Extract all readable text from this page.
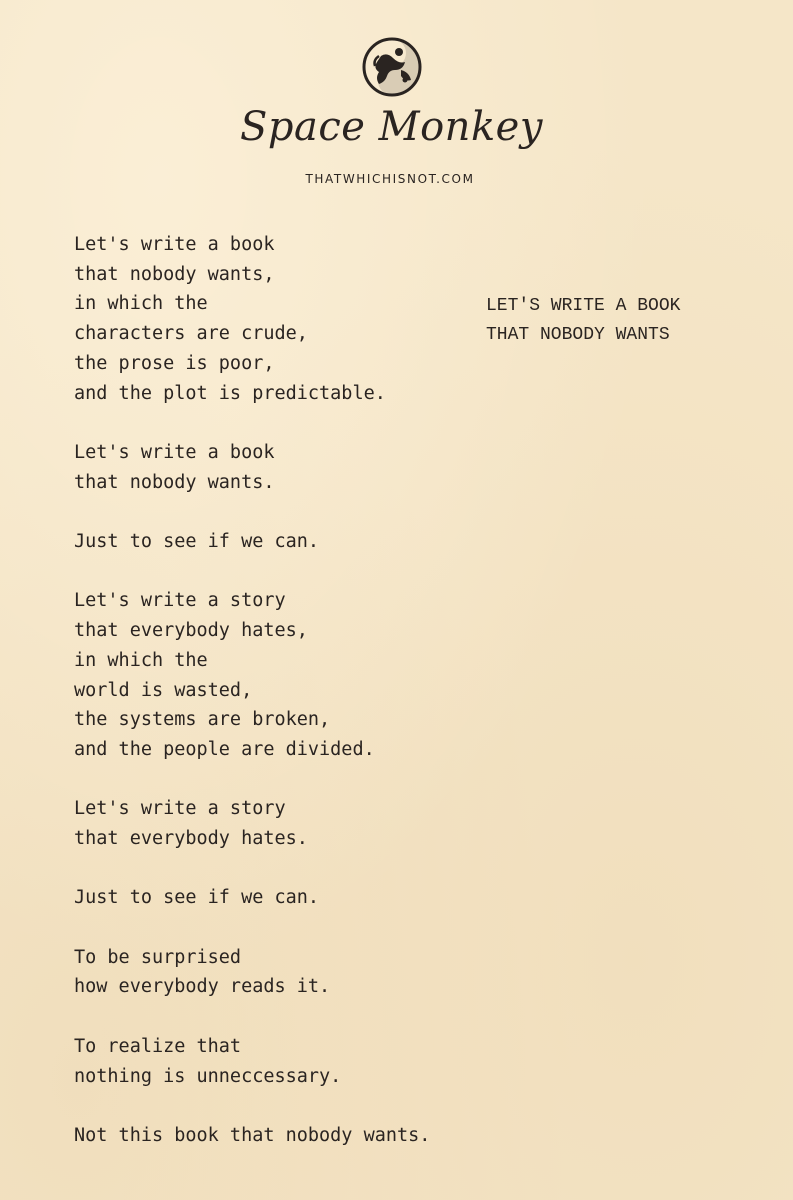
Space Monkey
THATWHICHISNOT.COM
LET'S WRITE A BOOK
THAT NOBODY WANTS
Let's write a book
that nobody wants,
in which the
characters are crude,
the prose is poor,
and the plot is predictable.
Let's write a book
that nobody wants.
Just to see if we can.
Let's write a story
that everybody hates,
in which the
world is wasted,
the systems are broken,
and the people are divided.
Let's write a story
that everybody hates.
Just to see if we can.
To be surprised
how everybody reads it.
To realize that
nothing is unneccessary.
Not this book that nobody wants.
